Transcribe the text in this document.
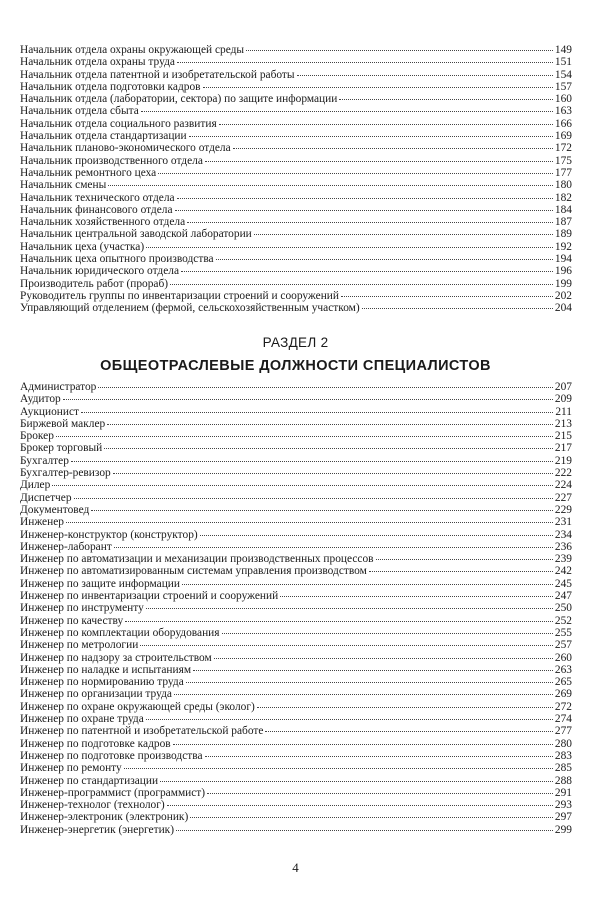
Начальник отдела охраны окружающей среды	149
Начальник отдела охраны труда	151
Начальник отдела патентной и изобретательской работы	154
Начальник отдела подготовки кадров	157
Начальник отдела (лаборатории, сектора) по защите информации	160
Начальник отдела сбыта	163
Начальник отдела социального развития	166
Начальник отдела стандартизации	169
Начальник планово-экономического отдела	172
Начальник производственного отдела	175
Начальник ремонтного цеха	177
Начальник смены	180
Начальник технического отдела	182
Начальник финансового отдела	184
Начальник хозяйственного отдела	187
Начальник центральной заводской лаборатории	189
Начальник цеха (участка)	192
Начальник цеха опытного производства	194
Начальник юридического отдела	196
Производитель работ (прораб)	199
Руководитель группы по инвентаризации строений и сооружений	202
Управляющий отделением (фермой, сельскохозяйственным участком)	204
РАЗДЕЛ 2
ОБЩЕОТРАСЛЕВЫЕ ДОЛЖНОСТИ СПЕЦИАЛИСТОВ
Администратор	207
Аудитор	209
Аукционист	211
Биржевой маклер	213
Брокер	215
Брокер торговый	217
Бухгалтер	219
Бухгалтер-ревизор	222
Дилер	224
Диспетчер	227
Документовед	229
Инженер	231
Инженер-конструктор (конструктор)	234
Инженер-лаборант	236
Инженер по автоматизации и механизации производственных процессов	239
Инженер по автоматизированным системам управления производством	242
Инженер по защите информации	245
Инженер по инвентаризации строений и сооружений	247
Инженер по инструменту	250
Инженер по качеству	252
Инженер по комплектации оборудования	255
Инженер по метрологии	257
Инженер по надзору за строительством	260
Инженер по наладке и испытаниям	263
Инженер по нормированию труда	265
Инженер по организации труда	269
Инженер по охране окружающей среды (эколог)	272
Инженер по охране труда	274
Инженер по патентной и изобретательской работе	277
Инженер по подготовке кадров	280
Инженер по подготовке производства	283
Инженер по ремонту	285
Инженер по стандартизации	288
Инженер-программист (программист)	291
Инженер-технолог (технолог)	293
Инженер-электроник (электроник)	297
Инженер-энергетик (энергетик)	299
4
